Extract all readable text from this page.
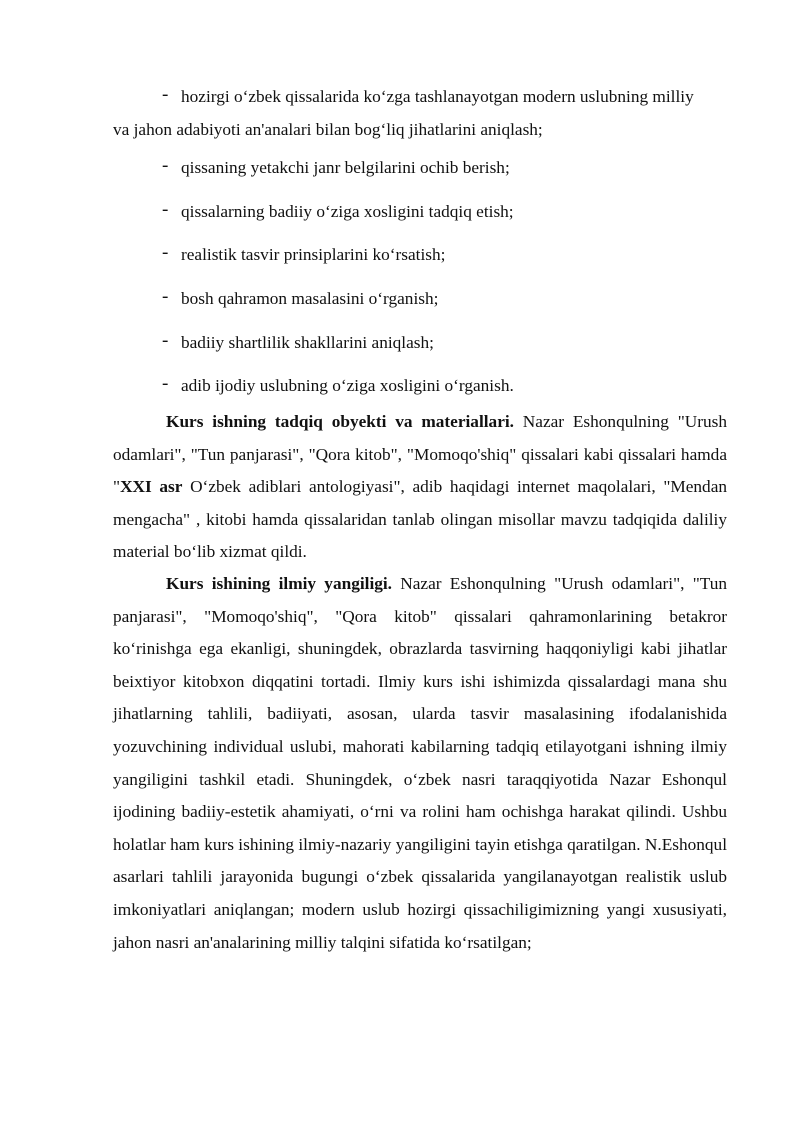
- hozirgi o‘zbek qissalarida ko‘zga tashlanayotgan modern uslubning milliy
va jahon adabiyoti an'analari bilan bog‘liq jihatlarini aniqlash;
- qissaning yetakchi janr belgilarini ochib berish;
- qissalarning badiiy o‘ziga xosligini tadqiq etish;
- realistik tasvir prinsiplarini ko‘rsatish;
- bosh qahramon masalasini o‘rganish;
- badiiy shartlilik shakllarini aniqlash;
- adib ijodiy uslubning o‘ziga xosligini o‘rganish.

Kurs ishning tadqiq obyekti va materiallari. Nazar Eshonqulning "Urush odamlari", "Tun panjarasi", "Qora kitob", "Momoqo'shiq" qissalari kabi qissalari hamda "XXI asr O‘zbek adiblari antologiyasi", adib haqidagi internet maqolalari, "Mendan mengacha" , kitobi hamda qissalaridan tanlab olingan misollar mavzu tadqiqida daliliy material bo‘lib xizmat qildi.

Kurs ishining ilmiy yangiligi. Nazar Eshonqulning "Urush odamlari", "Tun panjarasi", "Momoqo'shiq", "Qora kitob" qissalari qahramonlarining betakror ko‘rinishga ega ekanligi, shuningdek, obrazlarda tasvirning haqqoniyligi kabi jihatlar beixtiyor kitobxon diqqatini tortadi. Ilmiy kurs ishi ishimizda qissalardagi mana shu jihatlarning tahlili, badiiyati, asosan, ularda tasvir masalasining ifodalanishida yozuvchining individual uslubi, mahorati kabilarning tadqiq etilayotgani ishning ilmiy yangiligini tashkil etadi. Shuningdek, o‘zbek nasri taraqqiyotida Nazar Eshonqul ijodining badiiy-estetik ahamiyati, o‘rni va rolini ham ochishga harakat qilindi. Ushbu holatlar ham kurs ishining ilmiy-nazariy yangiligini tayin etishga qaratilgan. N.Eshonqul asarlari tahlili jarayonida bugungi o‘zbek qissalarida yangilanayotgan realistik uslub imkoniyatlari aniqlangan; modern uslub hozirgi qissachiligimizning yangi xususiyati, jahon nasri an'analarining milliy talqini sifatida ko‘rsatilgan;
